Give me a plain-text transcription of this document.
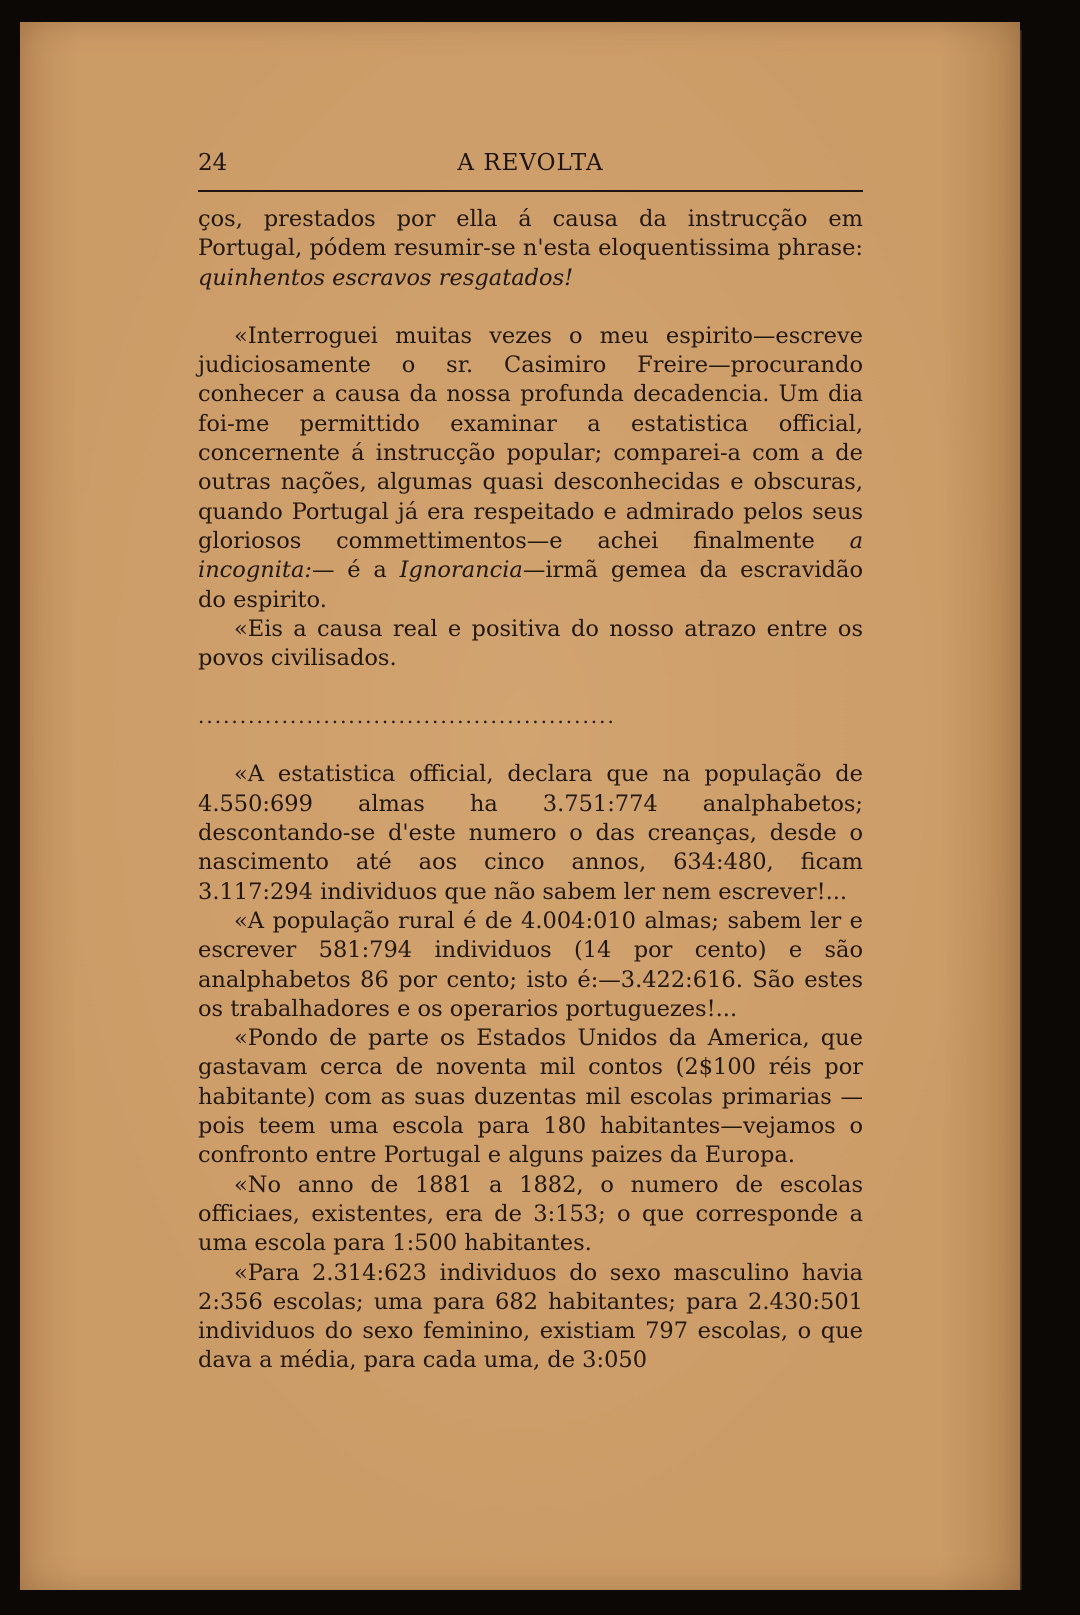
24	A REVOLTA

ços, prestados por ella á causa da instrucção em Portugal, pódem resumir-se n'esta eloquentissima phrase: quinhentos escravos resgatados!

«Interroguei muitas vezes o meu espirito—escreve judiciosamente o sr. Casimiro Freire—procurando conhecer a causa da nossa profunda decadencia. Um dia foi-me permittido examinar a estatistica official, concernente á instrucção popular; comparei-a com a de outras nações, algumas quasi desconhecidas e obscuras, quando Portugal já era respeitado e admirado pelos seus gloriosos commettimentos—e achei finalmente a incognita:— é a Ignorancia—irmã gemea da escravidão do espirito.

«Eis a causa real e positiva do nosso atrazo entre os povos civilisados.

..................................................

«A estatistica official, declara que na população de 4.550:699 almas ha 3.751:774 analphabetos; descontando-se d'este numero o das creanças, desde o nascimento até aos cinco annos, 634:480, ficam 3.117:294 individuos que não sabem ler nem escrever!...

«A população rural é de 4.004:010 almas; sabem ler e escrever 581:794 individuos (14 por cento) e são analphabetos 86 por cento; isto é:—3.422:616. São estes os trabalhadores e os operarios portuguezes!...

«Pondo de parte os Estados Unidos da America, que gastavam cerca de noventa mil contos (2$100 réis por habitante) com as suas duzentas mil escolas primarias —pois teem uma escola para 180 habitantes—vejamos o confronto entre Portugal e alguns paizes da Europa.

«No anno de 1881 a 1882, o numero de escolas officiaes, existentes, era de 3:153; o que corresponde a uma escola para 1:500 habitantes.

«Para 2.314:623 individuos do sexo masculino havia 2:356 escolas; uma para 682 habitantes; para 2.430:501 individuos do sexo feminino, existiam 797 escolas, o que dava a média, para cada uma, de 3:050
